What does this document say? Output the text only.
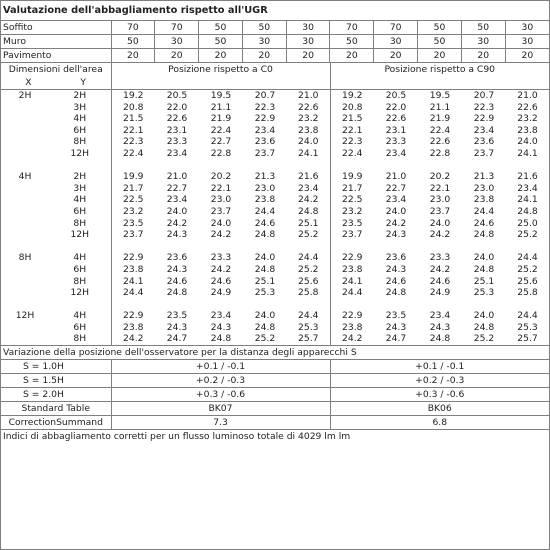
Valutazione dell'abbagliamento rispetto all'UGR
Soffito	70	70	50	50	30	70	70	50	50	30
Muro	50	30	50	30	30	50	30	50	30	30
Pavimento	20	20	20	20	20	20	20	20	20	20
Dimensioni dell'area
X	Y

Posizione rispetto a C0	Posizione rispetto a C90
2H	2H	19.2	20.5	19.5	20.7	21.0	19.2	20.5	19.5	20.7	21.0
	3H	20.8	22.0	21.1	22.3	22.6	20.8	22.0	21.1	22.3	22.6
	4H	21.5	22.6	21.9	22.9	23.2	21.5	22.6	21.9	22.9	23.2
	6H	22.1	23.1	22.4	23.4	23.8	22.1	23.1	22.4	23.4	23.8
	8H	22.3	23.3	22.7	23.6	24.0	22.3	23.3	22.6	23.6	24.0
	12H	22.4	23.4	22.8	23.7	24.1	22.4	23.4	22.8	23.7	24.1

4H	2H	19.9	21.0	20.2	21.3	21.6	19.9	21.0	20.2	21.3	21.6
	3H	21.7	22.7	22.1	23.0	23.4	21.7	22.7	22.1	23.0	23.4
	4H	22.5	23.4	23.0	23.8	24.2	22.5	23.4	23.0	23.8	24.1
	6H	23.2	24.0	23.7	24.4	24.8	23.2	24.0	23.7	24.4	24.8
	8H	23.5	24.2	24.0	24.6	25.1	23.5	24.2	24.0	24.6	25.0
	12H	23.7	24.3	24.2	24.8	25.2	23.7	24.3	24.2	24.8	25.2

8H	4H	22.9	23.6	23.3	24.0	24.4	22.9	23.6	23.3	24.0	24.4
	6H	23.8	24.3	24.2	24.8	25.2	23.8	24.3	24.2	24.8	25.2
	8H	24.1	24.6	24.6	25.1	25.6	24.1	24.6	24.6	25.1	25.6
	12H	24.4	24.8	24.9	25.3	25.8	24.4	24.8	24.9	25.3	25.8

12H	4H	22.9	23.5	23.4	24.0	24.4	22.9	23.5	23.4	24.0	24.4
	6H	23.8	24.3	24.3	24.8	25.3	23.8	24.3	24.3	24.8	25.3
	8H	24.2	24.7	24.8	25.2	25.7	24.2	24.7	24.8	25.2	25.7
Variazione della posizione dell'osservatore per la distanza degli apparecchi S
S = 1.0H	+0.1 / -0.1	+0.1 / -0.1
S = 1.5H	+0.2 / -0.3	+0.2 / -0.3
S = 2.0H	+0.3 / -0.6	+0.3 / -0.6
Standard Table	BK07	BK06
CorrectionSummand	7.3	6.8
Indici di abbagliamento corretti per un flusso luminoso totale di 4029 lm lm
